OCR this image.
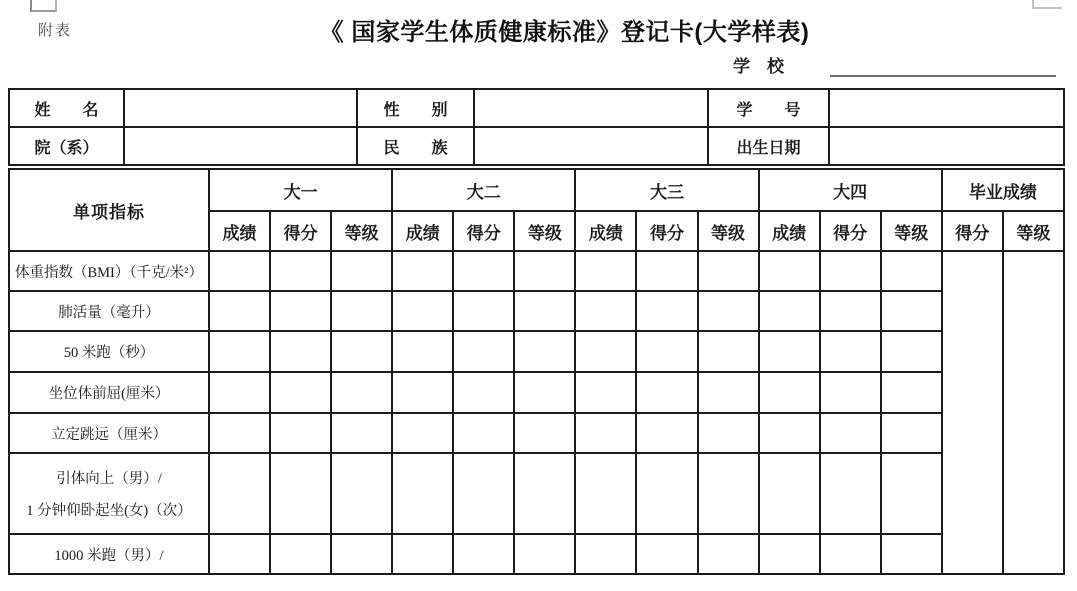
附表	《 国家学生体质健康标准》登记卡(大学样表)
学　校
姓　　名		性　　别		学　　号	
院（系）		民　　族		出生日期	
单项指标	大一			大二			大三			大四			毕业成绩	
	成绩	得分	等级	成绩	得分	等级	成绩	得分	等级	成绩	得分	等级	得分	等级
体重指数（BMI）（千克/米²）														
肺活量（毫升）														
50 米跑（秒）														
坐位体前屈(厘米）														
立定跳远（厘米）														

引体向上（男）/
1 分钟仰卧起坐(女)（次）														

1000 米跑（男）/														
